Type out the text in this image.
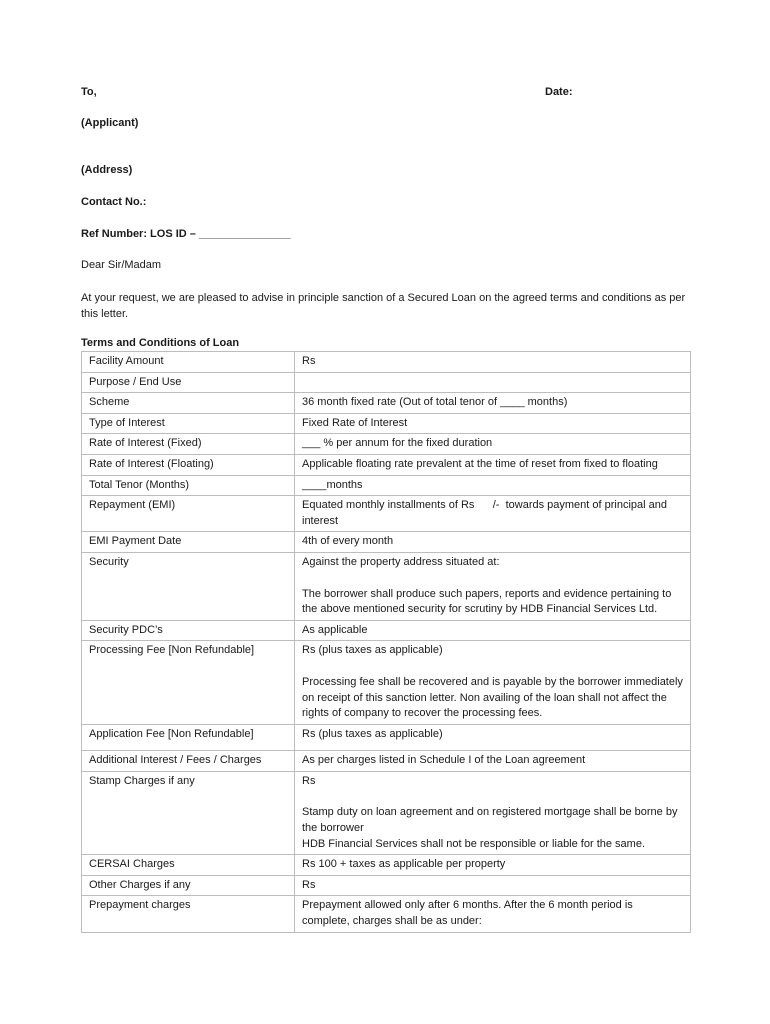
To,	Date:
(Applicant)
(Address)
Contact No.:
Ref Number: LOS ID – _______________
Dear Sir/Madam
At your request, we are pleased to advise in principle sanction of a Secured Loan on the agreed terms and conditions as per this letter.
Terms and Conditions of Loan
Facility Amount	Rs
Purpose / End Use	
Scheme	36 month fixed rate (Out of total tenor of ____ months)
Type of Interest	Fixed Rate of Interest
Rate of Interest (Fixed)	___ % per annum for the fixed duration
Rate of Interest (Floating)	Applicable floating rate prevalent at the time of reset from fixed to floating
Total Tenor (Months)	____months
Repayment (EMI)	Equated monthly installments of Rs      /-  towards payment of principal and interest
EMI Payment Date	4th of every month
Security	Against the property address situated at:
The borrower shall produce such papers, reports and evidence pertaining to the above mentioned security for scrutiny by HDB Financial Services Ltd.

Security PDC’s	As applicable
Processing Fee [Non Refundable]	Rs (plus taxes as applicable)
Processing fee shall be recovered and is payable by the borrower immediately on receipt of this sanction letter. Non availing of the loan shall not affect the rights of company to recover the processing fees.

Application Fee [Non Refundable]	Rs (plus taxes as applicable)
Additional Interest / Fees / Charges	As per charges listed in Schedule I of the Loan agreement
Stamp Charges if any	Rs
Stamp duty on loan agreement and on registered mortgage shall be borne by the borrower
HDB Financial Services shall not be responsible or liable for the same.

CERSAI Charges	Rs 100 + taxes as applicable per property
Other Charges if any	Rs
Prepayment charges	Prepayment allowed only after 6 months. After the 6 month period is complete, charges shall be as under:
